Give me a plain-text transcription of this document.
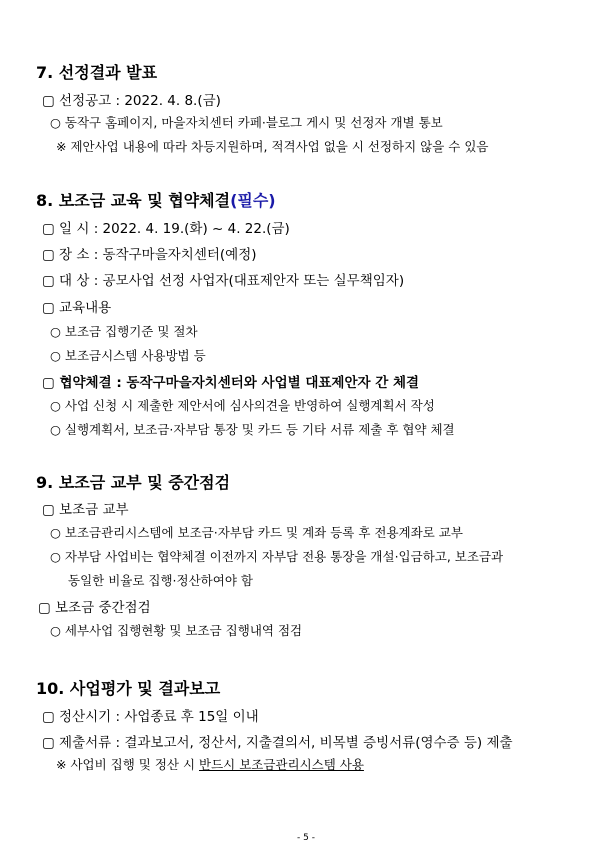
7. 선정결과 발표
▢ 선정공고 : 2022. 4. 8.(금)
○ 동작구 홈페이지, 마을자치센터 카페·블로그 게시 및 선정자 개별 통보
※ 제안사업 내용에 따라 차등지원하며, 적격사업 없을 시 선정하지 않을 수 있음
8. 보조금 교육 및 협약체결(필수)
▢ 일 시 : 2022. 4. 19.(화) ~ 4. 22.(금)
▢ 장 소 : 동작구마을자치센터(예정)
▢ 대 상 : 공모사업 선정 사업자(대표제안자 또는 실무책임자)
▢ 교육내용
○ 보조금 집행기준 및 절차
○ 보조금시스템 사용방법 등
▢ 협약체결 : 동작구마을자치센터와 사업별 대표제안자 간 체결
○ 사업 신청 시 제출한 제안서에 심사의견을 반영하여 실행계획서 작성
○ 실행계획서, 보조금·자부담 통장 및 카드 등 기타 서류 제출 후 협약 체결
9. 보조금 교부 및 중간점검
▢ 보조금 교부
○ 보조금관리시스템에 보조금·자부담 카드 및 계좌 등록 후 전용계좌로 교부
○ 자부담 사업비는 협약체결 이전까지 자부담 전용 통장을 개설·입금하고, 보조금과
동일한 비율로 집행·정산하여야 함
▢ 보조금 중간점검
○ 세부사업 집행현황 및 보조금 집행내역 점검
10. 사업평가 및 결과보고
▢ 정산시기 : 사업종료 후 15일 이내
▢ 제출서류 : 결과보고서, 정산서, 지출결의서, 비목별 증빙서류(영수증 등) 제출
※ 사업비 집행 및 정산 시 반드시 보조금관리시스템 사용
- 5 -
